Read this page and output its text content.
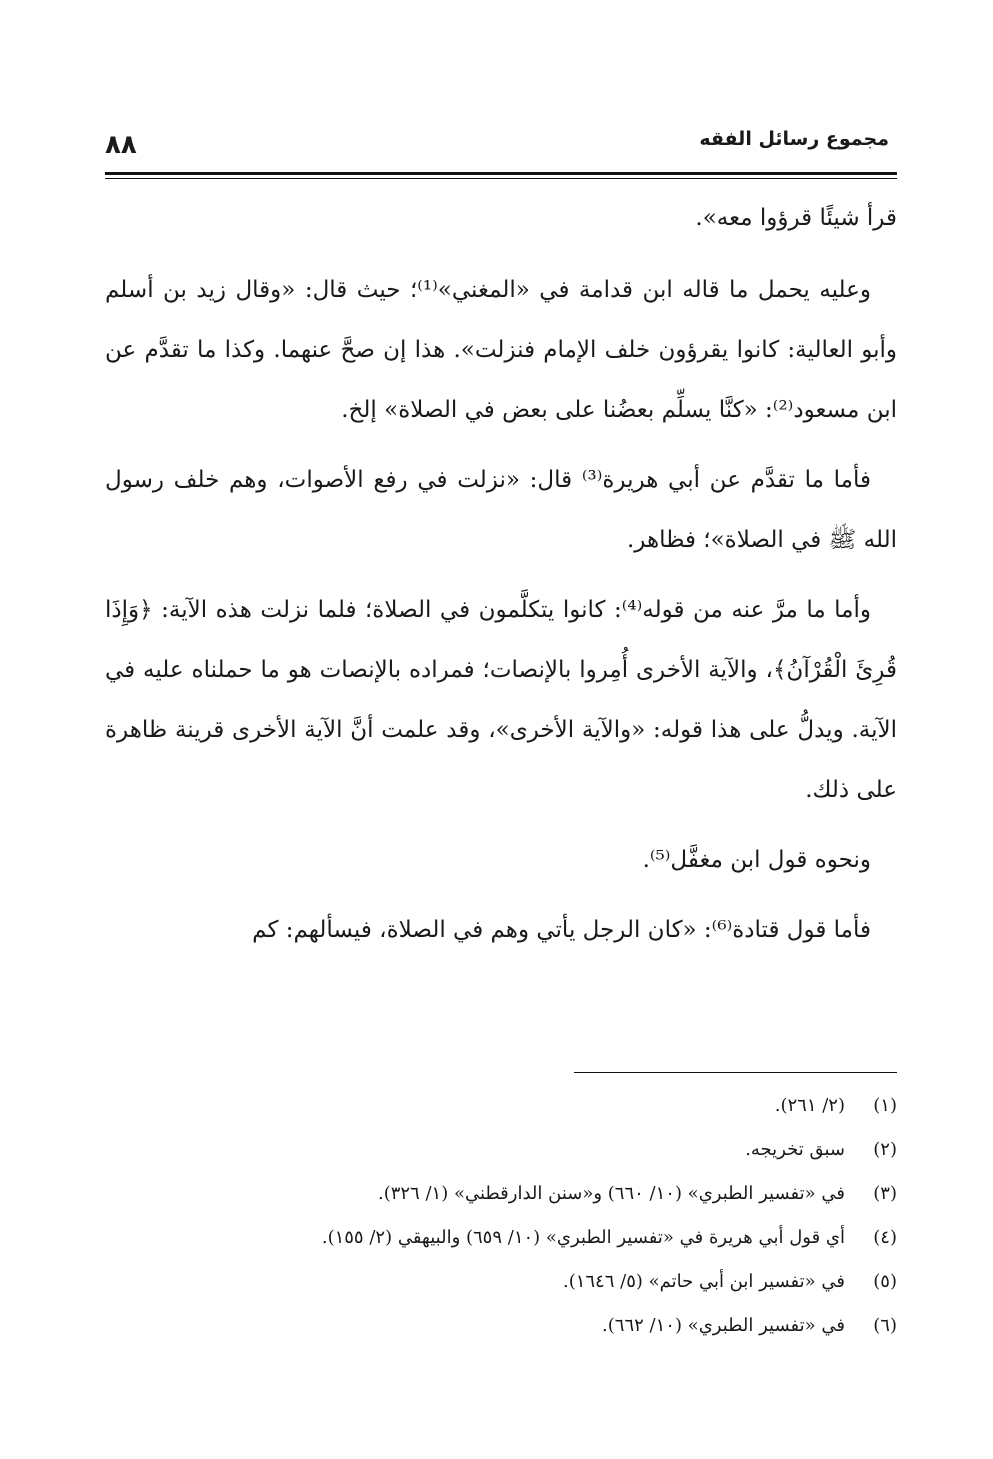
مجموع رسائل الفقه
٨٨

قرأ شيئًا قرؤوا معه».

وعليه يحمل ما قاله ابن قدامة في «المغني»⁽¹⁾؛ حيث قال: «وقال زيد بن أسلم وأبو العالية: كانوا يقرؤون خلف الإمام فنزلت». هذا إن صحَّ عنهما. وكذا ما تقدَّم عن ابن مسعود⁽²⁾: «كنَّا يسلِّم بعضُنا على بعض في الصلاة» إلخ.

فأما ما تقدَّم عن أبي هريرة⁽³⁾ قال: «نزلت في رفع الأصوات، وهم خلف رسول الله ﷺ في الصلاة»؛ فظاهر.

وأما ما مرَّ عنه من قوله⁽⁴⁾: كانوا يتكلَّمون في الصلاة؛ فلما نزلت هذه الآية: ﴿وَإِذَا قُرِئَ الْقُرْآنُ﴾، والآية الأخرى أُمِروا بالإنصات؛ فمراده بالإنصات هو ما حملناه عليه في الآية. ويدلُّ على هذا قوله: «والآية الأخرى»، وقد علمت أنَّ الآية الأخرى قرينة ظاهرة على ذلك.

ونحوه قول ابن مغفَّل⁽⁵⁾.

فأما قول قتادة⁽⁶⁾: «كان الرجل يأتي وهم في الصلاة، فيسألهم: كم

(١)(٢/ ٢٦١).
(٢)سبق تخريجه.
(٣)في «تفسير الطبري» (١٠/ ٦٦٠) و«سنن الدارقطني» (١/ ٣٢٦).
(٤)أي قول أبي هريرة في «تفسير الطبري» (١٠/ ٦٥٩) والبيهقي (٢/ ١٥٥).
(٥)في «تفسير ابن أبي حاتم» (٥/ ١٦٤٦).
(٦)في «تفسير الطبري» (١٠/ ٦٦٢).
